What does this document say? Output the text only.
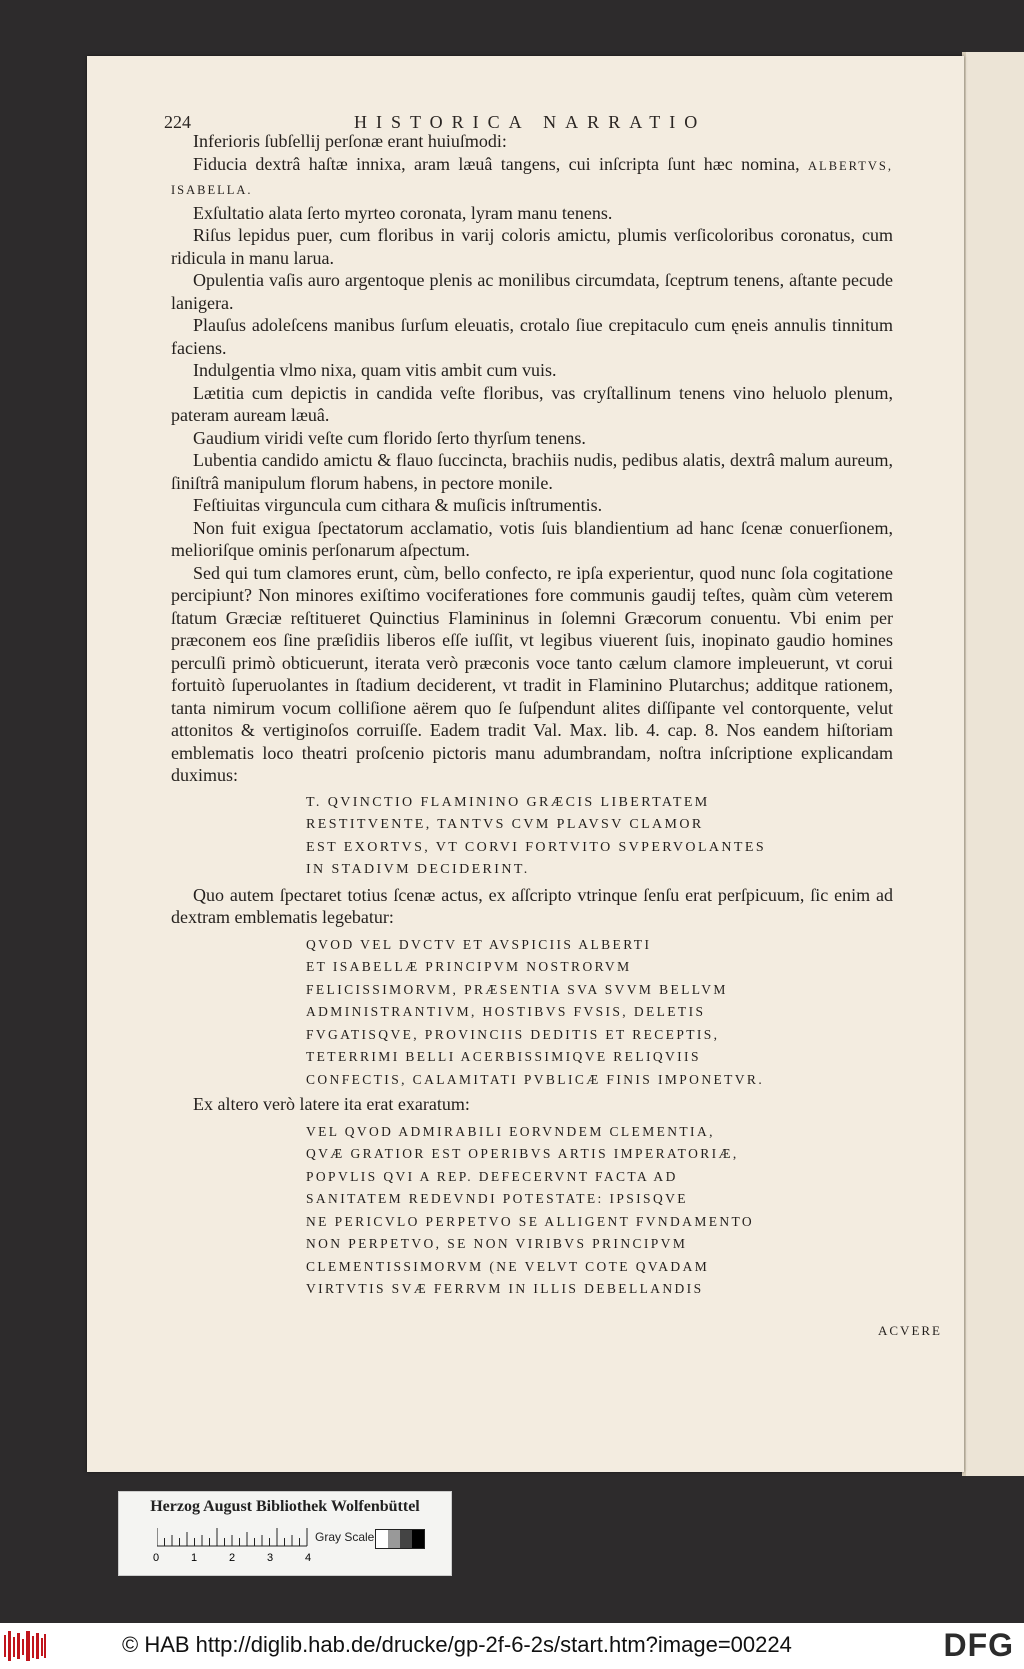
224	HISTORICA NARRATIO

Inferioris ſubſellij perſonæ erant huiuſmodi:

Fiducia dextrâ haſtæ innixa, aram læuâ tangens, cui inſcripta ſunt hæc nomina, ALBERTVS, ISABELLA.

Exſultatio alata ſerto myrteo coronata, lyram manu tenens.

Riſus lepidus puer, cum floribus in varij coloris amictu, plumis verſicoloribus coronatus, cum ridicula in manu larua.

Opulentia vaſis auro argentoque plenis ac monilibus circumdata, ſceptrum tenens, aſtante pecude lanigera.

Plauſus adoleſcens manibus ſurſum eleuatis, crotalo ſiue crepitaculo cum ęneis annulis tinnitum faciens.

Indulgentia vlmo nixa, quam vitis ambit cum vuis.

Lætitia cum depictis in candida veſte floribus, vas cryſtallinum tenens vino heluolo plenum, pateram auream læuâ.

Gaudium viridi veſte cum florido ſerto thyrſum tenens.

Lubentia candido amictu & flauo ſuccincta, brachiis nudis, pedibus alatis, dextrâ malum aureum, ſiniſtrâ manipulum florum habens, in pectore monile.

Feſtiuitas virguncula cum cithara & muſicis inſtrumentis.

Non fuit exigua ſpectatorum acclamatio, votis ſuis blandientium ad hanc ſcenæ conuerſionem, melioriſque ominis perſonarum aſpectum.

Sed qui tum clamores erunt, cùm, bello confecto, re ipſa experientur, quod nunc ſola cogitatione percipiunt? Non minores exiſtimo vociferationes fore communis gaudij teſtes, quàm cùm veterem ſtatum Græciæ reſtitueret Quinctius Flamininus in ſolemni Græcorum conuentu. Vbi enim per præconem eos ſine præſidiis liberos eſſe iuſſit, vt legibus viuerent ſuis, inopinato gaudio homines perculſi primò obticuerunt, iterata verò præconis voce tanto cælum clamore impleuerunt, vt corui fortuitò ſuperuolantes in ſtadium deciderent, vt tradit in Flaminino Plutarchus; additque rationem, tanta nimirum vocum colliſione aërem quo ſe ſuſpendunt alites diſſipante vel contorquente, velut attonitos & vertiginoſos corruiſſe. Eadem tradit Val. Max. lib. 4. cap. 8. Nos eandem hiſtoriam emblematis loco theatri proſcenio pictoris manu adumbrandam, noſtra inſcriptione explicandam duximus:

T. QVINCTIO FLAMININO GRÆCIS LIBERTATEM
RESTITVENTE, TANTVS CVM PLAVSV CLAMOR
EST EXORTVS, VT CORVI FORTVITO SVPERVOLANTES
IN STADIVM DECIDERINT.

Quo autem ſpectaret totius ſcenæ actus, ex aſſcripto vtrinque ſenſu erat perſpicuum, ſic enim ad dextram emblematis legebatur:

QVOD VEL DVCTV ET AVSPICIIS ALBERTI
ET ISABELLÆ PRINCIPVM NOSTRORVM
FELICISSIMORVM, PRÆSENTIA SVA SVVM BELLVM
ADMINISTRANTIVM, HOSTIBVS FVSIS, DELETIS
FVGATISQVE, PROVINCIIS DEDITIS ET RECEPTIS,
TETERRIMI BELLI ACERBISSIMIQVE RELIQVIIS
CONFECTIS, CALAMITATI PVBLICÆ FINIS IMPONETVR.

Ex altero verò latere ita erat exaratum:

VEL QVOD ADMIRABILI EORVNDEM CLEMENTIA,
QVÆ GRATIOR EST OPERIBVS ARTIS IMPERATORIÆ,
POPVLIS QVI A REP. DEFECERVNT FACTA AD
SANITATEM REDEVNDI POTESTATE: IPSISQVE
NE PERICVLO PERPETVO SE ALLIGENT FVNDAMENTO
NON PERPETVO, SE NON VIRIBVS PRINCIPVM
CLEMENTISSIMORVM (NE VELVT COTE QVADAM
VIRTVTIS SVÆ FERRVM IN ILLIS DEBELLANDIS
ACVERE
Herzog August Bibliothek Wolfenbüttel
0	1	2	3	4
Gray Scale
© HAB http://diglib.hab.de/drucke/gp-2f-6-2s/start.htm?image=00224	DFG
